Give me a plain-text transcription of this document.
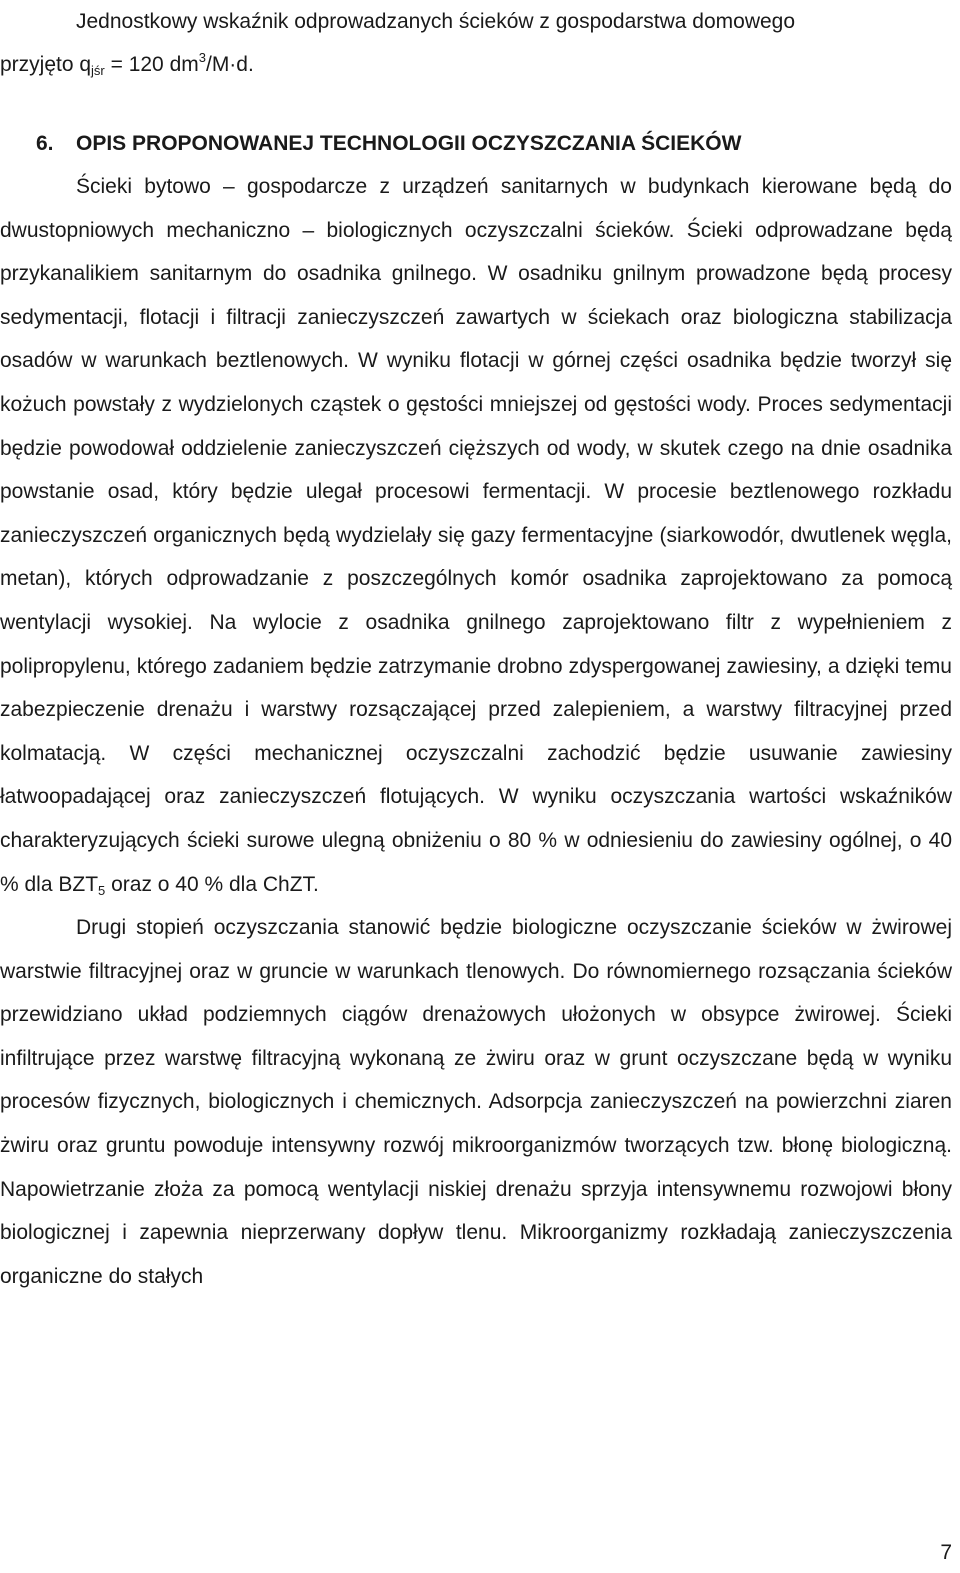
Jednostkowy wskaźnik odprowadzanych ścieków z gospodarstwa domowego
przyjęto $q_{jśr} = 120$ $dm^3/M\cdot d$.
6.	OPIS PROPONOWANEJ TECHNOLOGII OCZYSZCZANIA ŚCIEKÓW

Ścieki bytowo – gospodarcze z urządzeń sanitarnych w budynkach kierowane będą do dwustopniowych mechaniczno – biologicznych oczyszczalni ścieków. Ścieki odprowadzane będą przykanalikiem sanitarnym do osadnika gnilnego. W osadniku gnilnym prowadzone będą procesy sedymentacji, flotacji i filtracji zanieczyszczeń zawartych w ściekach oraz biologiczna stabilizacja osadów w warunkach beztlenowych. W wyniku flotacji w górnej części osadnika będzie tworzył się kożuch powstały z wydzielonych cząstek o gęstości mniejszej od gęstości wody. Proces sedymentacji będzie powodował oddzielenie zanieczyszczeń cięższych od wody, w skutek czego na dnie osadnika powstanie osad, który będzie ulegał procesowi fermentacji. W procesie beztlenowego rozkładu zanieczyszczeń organicznych będą wydzielały się gazy fermentacyjne (siarkowodór, dwutlenek węgla, metan), których odprowadzanie z poszczególnych komór osadnika zaprojektowano za pomocą wentylacji wysokiej. Na wylocie z osadnika gnilnego zaprojektowano filtr z wypełnieniem z polipropylenu, którego zadaniem będzie zatrzymanie drobno zdyspergowanej zawiesiny, a dzięki temu zabezpieczenie drenażu i warstwy rozsączającej przed zalepieniem, a warstwy filtracyjnej przed kolmatacją. W części mechanicznej oczyszczalni zachodzić będzie usuwanie zawiesiny łatwoopadającej oraz zanieczyszczeń flotujących. W wyniku oczyszczania wartości wskaźników charakteryzujących ścieki surowe ulegną obniżeniu o 80 % w odniesieniu do zawiesiny ogólnej, o 40 % dla $BZT_5$ oraz o 40 % dla ChZT.

Drugi stopień oczyszczania stanowić będzie biologiczne oczyszczanie ścieków w żwirowej warstwie filtracyjnej oraz w gruncie w warunkach tlenowych. Do równomiernego rozsączania ścieków przewidziano układ podziemnych ciągów drenażowych ułożonych w obsypce żwirowej. Ścieki infiltrujące przez warstwę filtracyjną wykonaną ze żwiru oraz w grunt oczyszczane będą w wyniku procesów fizycznych, biologicznych i chemicznych. Adsorpcja zanieczyszczeń na powierzchni ziaren żwiru oraz gruntu powoduje intensywny rozwój mikroorganizmów tworzących tzw. błonę biologiczną. Napowietrzanie złoża za pomocą wentylacji niskiej drenażu sprzyja intensywnemu rozwojowi błony biologicznej i zapewnia nieprzerwany dopływ tlenu. Mikroorganizmy rozkładają zanieczyszczenia organiczne do stałych

7
